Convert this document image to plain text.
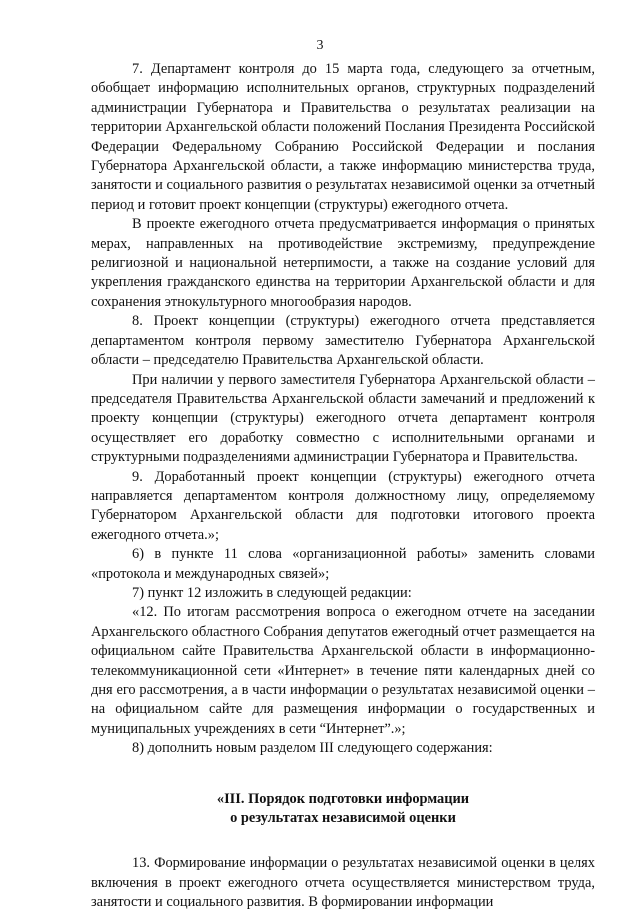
3

7. Департамент контроля до 15 марта года, следующего за отчетным, обобщает информацию исполнительных органов, структурных подразделений администрации Губернатора и Правительства о результатах реализации на территории Архангельской области положений Послания Президента Российской Федерации Федеральному Собранию Российской Федерации и послания Губернатора Архангельской области, а также информацию министерства труда, занятости и социального развития о результатах независимой оценки за отчетный период и готовит проект концепции (структуры) ежегодного отчета.

В проекте ежегодного отчета предусматривается информация о принятых мерах, направленных на противодействие экстремизму, предупреждение религиозной и национальной нетерпимости, а также на создание условий для укрепления гражданского единства на территории Архангельской области и для сохранения этнокультурного многообразия народов.

8. Проект концепции (структуры) ежегодного отчета представляется департаментом контроля первому заместителю Губернатора Архангельской области – председателю Правительства Архангельской области.

При наличии у первого заместителя Губернатора Архангельской области – председателя Правительства Архангельской области замечаний и предложений к проекту концепции (структуры) ежегодного отчета департамент контроля осуществляет его доработку совместно с исполнительными органами и структурными подразделениями администрации Губернатора и Правительства.

9. Доработанный проект концепции (структуры) ежегодного отчета направляется департаментом контроля должностному лицу, определяемому Губернатором Архангельской области для подготовки итогового проекта ежегодного отчета.»;

6) в пункте 11 слова «организационной работы» заменить словами «протокола и международных связей»;

7) пункт 12 изложить в следующей редакции:

«12. По итогам рассмотрения вопроса о ежегодном отчете на заседании Архангельского областного Собрания депутатов ежегодный отчет размещается на официальном сайте Правительства Архангельской области в информационно-телекоммуникационной сети «Интернет» в течение пяти календарных дней со дня его рассмотрения, а в части информации о результатах независимой оценки – на официальном сайте для размещения информации о государственных и муниципальных учреждениях в сети “Интернет”.»;

8) дополнить новым разделом III следующего содержания:

«III. Порядок подготовки информации
о результатах независимой оценки

13. Формирование информации о результатах независимой оценки в целях включения в проект ежегодного отчета осуществляется министерством труда, занятости и социального развития. В формировании информации
